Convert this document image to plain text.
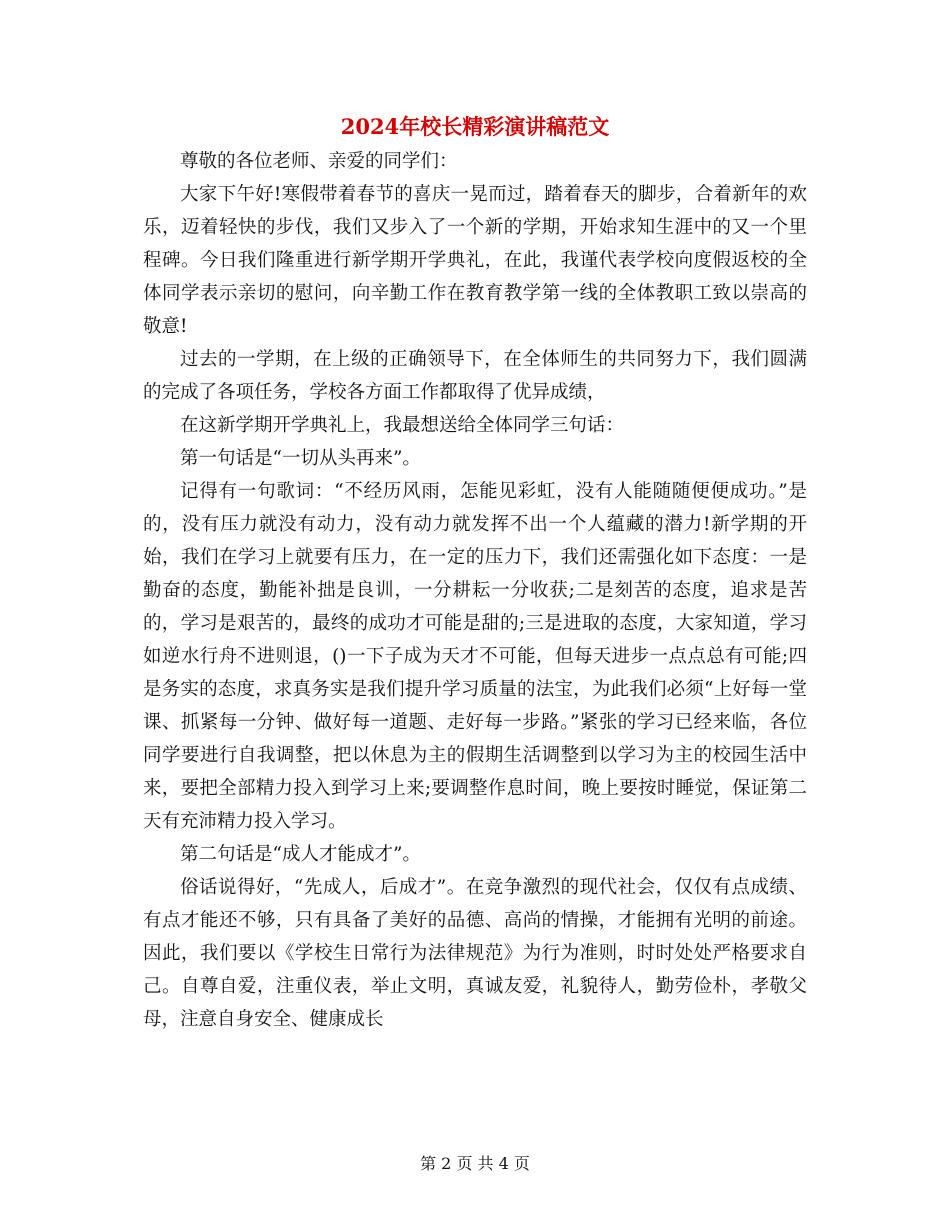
2024年校长精彩演讲稿范文

尊敬的各位老师、亲爱的同学们：

大家下午好!寒假带着春节的喜庆一晃而过，踏着春天的脚步，合着新年的欢乐，迈着轻快的步伐，我们又步入了一个新的学期，开始求知生涯中的又一个里程碑。今日我们隆重进行新学期开学典礼，在此，我谨代表学校向度假返校的全体同学表示亲切的慰问，向辛勤工作在教育教学第一线的全体教职工致以崇高的敬意!

过去的一学期，在上级的正确领导下，在全体师生的共同努力下，我们圆满的完成了各项任务，学校各方面工作都取得了优异成绩，

在这新学期开学典礼上，我最想送给全体同学三句话：

第一句话是“一切从头再来”。

记得有一句歌词：“不经历风雨，怎能见彩虹，没有人能随随便便成功。”是的，没有压力就没有动力，没有动力就发挥不出一个人蕴藏的潜力!新学期的开始，我们在学习上就要有压力，在一定的压力下，我们还需强化如下态度：一是勤奋的态度，勤能补拙是良训，一分耕耘一分收获;二是刻苦的态度，追求是苦的，学习是艰苦的，最终的成功才可能是甜的;三是进取的态度，大家知道，学习如逆水行舟不进则退，()一下子成为天才不可能，但每天进步一点点总有可能;四是务实的态度，求真务实是我们提升学习质量的法宝，为此我们必须“上好每一堂课、抓紧每一分钟、做好每一道题、走好每一步路。”紧张的学习已经来临，各位同学要进行自我调整，把以休息为主的假期生活调整到以学习为主的校园生活中来，要把全部精力投入到学习上来;要调整作息时间，晚上要按时睡觉，保证第二天有充沛精力投入学习。

第二句话是“成人才能成才”。

俗话说得好，“先成人，后成才”。在竞争激烈的现代社会，仅仅有点成绩、有点才能还不够，只有具备了美好的品德、高尚的情操，才能拥有光明的前途。因此，我们要以《学校生日常行为法律规范》为行为准则，时时处处严格要求自己。自尊自爱，注重仪表，举止文明，真诚友爱，礼貌待人，勤劳俭朴，孝敬父母，注意自身安全、健康成长

第 2 页 共 4 页
